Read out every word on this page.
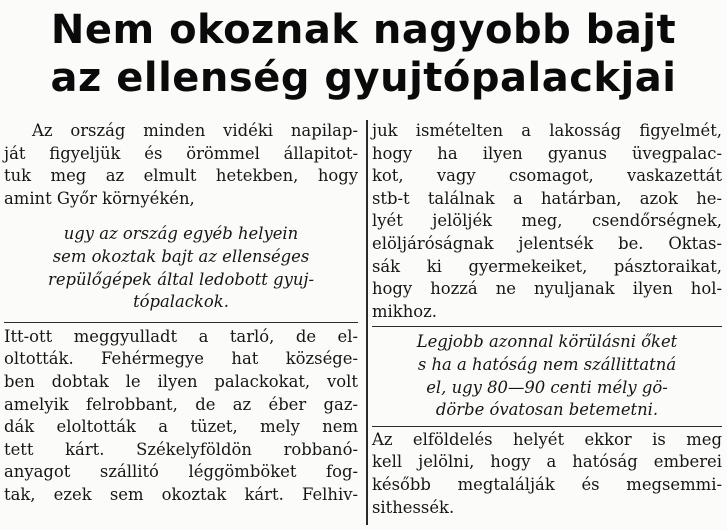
Nem okoznak nagyobb bajt
az ellenség gyujtópalackjai
Az ország minden vidéki napilap-
ját figyeljük és örömmel állapitot-
tuk meg az elmult hetekben, hogy
amint Győr környékén,
ugy az ország egyéb helyein
sem okoztak bajt az ellenséges
repülőgépek által ledobott gyuj-
tópalackok.
Itt-ott meggyulladt a tarló, de el-
oltották. Fehérmegye hat községe-
ben dobtak le ilyen palackokat, volt
amelyik felrobbant, de az éber gaz-
dák eloltották a tüzet, mely nem
tett kárt. Székelyföldön robbanó-
anyagot szállitó léggömböket fog-
tak, ezek sem okoztak kárt. Felhiv-
juk ismételten a lakosság figyelmét,
hogy ha ilyen gyanus üvegpalac-
kot, vagy csomagot, vaskazettát
stb-t találnak a határban, azok he-
lyét jelöljék meg, csendőrségnek,
elöljáróságnak jelentsék be. Oktas-
sák ki gyermekeiket, pásztoraikat,
hogy hozzá ne nyuljanak ilyen hol-
mikhoz.
Legjobb azonnal körülásni őket
s ha a hatóság nem szállittatná
el, ugy 80—90 centi mély gö-
dörbe óvatosan betemetni.
Az elföldelés helyét ekkor is meg
kell jelölni, hogy a hatóság emberei
később megtalálják és megsemmi-
sithessék.
